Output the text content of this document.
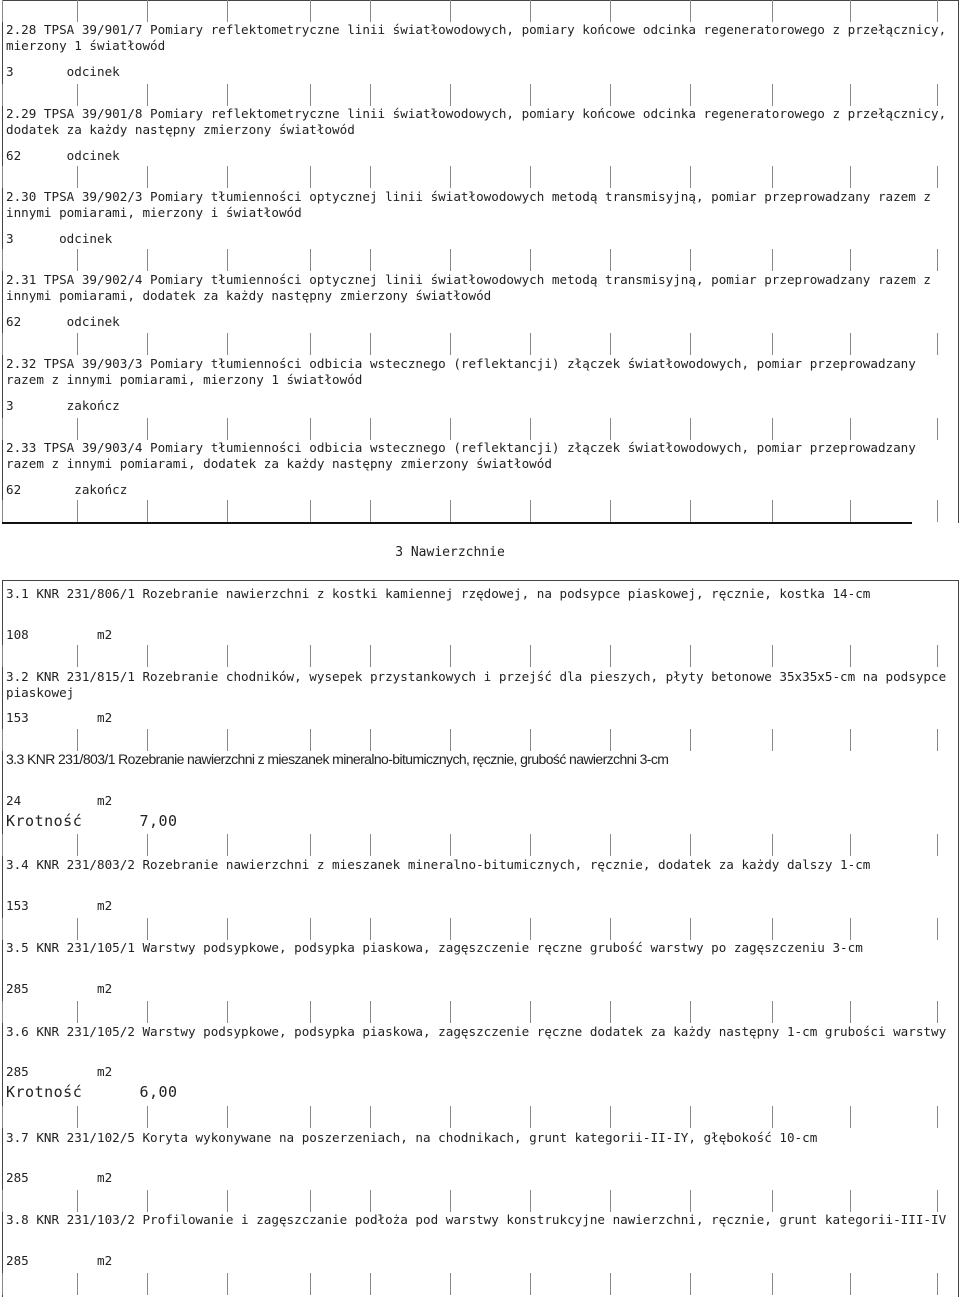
2.28 TPSA 39/901/7 Pomiary reflektometryczne linii światłowodowych, pomiary końcowe odcinka regeneratorowego z przełącznicy, mierzony 1 światłowód
3	odcinek
2.29 TPSA 39/901/8 Pomiary reflektometryczne linii światłowodowych, pomiary końcowe odcinka regeneratorowego z przełącznicy, dodatek za każdy następny zmierzony światłowód
62	odcinek
2.30 TPSA 39/902/3 Pomiary tłumienności optycznej linii światłowodowych metodą transmisyjną, pomiar przeprowadzany razem z innymi pomiarami, mierzony i światłowód
3	odcinek
2.31 TPSA 39/902/4 Pomiary tłumienności optycznej linii światłowodowych metodą transmisyjną, pomiar przeprowadzany razem z innymi pomiarami, dodatek za każdy następny zmierzony światłowód
62	odcinek
2.32 TPSA 39/903/3 Pomiary tłumienności odbicia wstecznego (reflektancji) złączek światłowodowych, pomiar przeprowadzany razem z innymi pomiarami, mierzony 1 światłowód
3	zakończ
2.33 TPSA 39/903/4 Pomiary tłumienności odbicia wstecznego (reflektancji) złączek światłowodowych, pomiar przeprowadzany razem z innymi pomiarami, dodatek za każdy następny zmierzony światłowód
62	zakończ
3 Nawierzchnie
3.1 KNR 231/806/1 Rozebranie nawierzchni z kostki kamiennej rzędowej, na podsypce piaskowej, ręcznie, kostka 14-cm
108	m2
3.2 KNR 231/815/1 Rozebranie chodników, wysepek przystankowych i przejść dla pieszych, płyty betonowe 35x35x5-cm na podsypce piaskowej
153	m2
3.3 KNR 231/803/1 Rozebranie nawierzchni z mieszanek mineralno-bitumicznych, ręcznie, grubość nawierzchni 3-cm
24	m2
Krotność	7,00
3.4 KNR 231/803/2 Rozebranie nawierzchni z mieszanek mineralno-bitumicznych, ręcznie, dodatek za każdy dalszy 1-cm
153	m2
3.5 KNR 231/105/1 Warstwy podsypkowe, podsypka piaskowa, zagęszczenie ręczne grubość warstwy po zagęszczeniu 3-cm
285	m2
3.6 KNR 231/105/2 Warstwy podsypkowe, podsypka piaskowa, zagęszczenie ręczne dodatek za każdy następny 1-cm grubości warstwy
285	m2
Krotność	6,00
3.7 KNR 231/102/5 Koryta wykonywane na poszerzeniach, na chodnikach, grunt kategorii-II-IY, głębokość 10-cm
285	m2
3.8 KNR 231/103/2 Profilowanie i zagęszczanie podłoża pod warstwy konstrukcyjne nawierzchni, ręcznie, grunt kategorii-III-IV
285	m2
